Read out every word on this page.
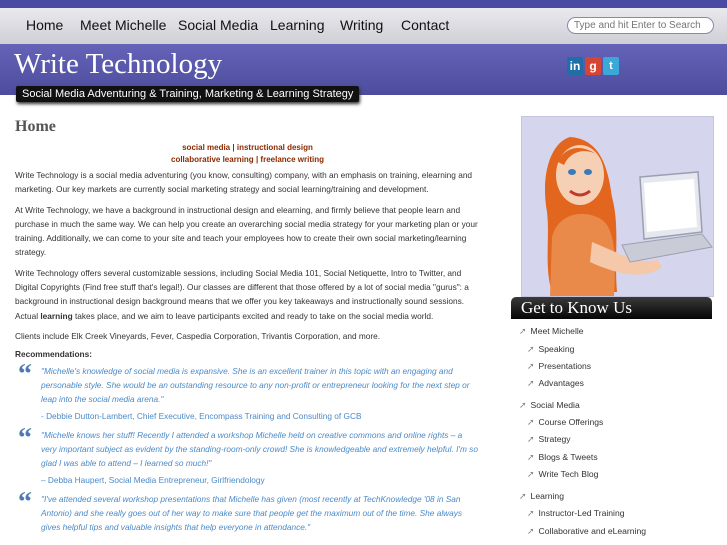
Home Meet Michelle Social Media Learning Writing Contact
Type and hit Enter to Search
Write Technology
Social Media Adventuring & Training, Marketing & Learning Strategy
in g	t
Home
social media | instructional design
collaborative learning | freelance writing

Write Technology is a social media adventuring (you know, consulting) company, with an emphasis on training, elearning and marketing. Our key markets are currently social marketing strategy and social learning/training and development.

At Write Technology, we have a background in instructional design and elearning, and firmly believe that people learn and purchase in much the same way. We can help you create an overarching social media strategy for your marketing plan or your training. Additionally, we can come to your site and teach your employees how to create their own social marketing/learning strategy.

Write Technology offers several customizable sessions, including Social Media 101, Social Netiquette, Intro to Twitter, and Digital Copyrights (Find free stuff that's legal!). Our classes are different that those offered by a lot of social media "gurus": a background in instructional design background means that we offer you key takeaways and instructionally sound sessions. Actual learning takes place, and we aim to leave participants excited and ready to take on the social media world.

Clients include Elk Creek Vineyards, Fever, Caspedia Corporation, Trivantis Corporation, and more.

Recommendations:
“ "Michelle's knowledge of social media is expansive. She is an excellent trainer in this topic with an engaging and personable style. She would be an outstanding resource to any non-profit or entrepreneur looking for the next step or leap into the social media arena."
- Debbie Dutton-Lambert, Chief Executive, Encompass Training and Consulting of GCB
“ "Michelle knows her stuff! Recently I attended a workshop Michelle held on creative commons and online rights – a very important subject as evident by the standing-room-only crowd! She is knowledgeable and extremely helpful. I'm so glad I was able to attend – I learned so much!"
– Debba Haupert, Social Media Entrepreneur, Girlfriendology
“ "I've attended several workshop presentations that Michelle has given (most recently at TechKnowledge '08 in San Antonio) and she really goes out of her way to make sure that people get the maximum out of the time. She always gives helpful tips and valuable insights that help everyone in attendance."
Get to Know Us
➚ Meet Michelle
➚ Speaking
➚ Presentations
➚ Advantages
➚ Social Media
➚ Course Offerings
➚ Strategy
➚ Blogs & Tweets
➚ Write Tech Blog
➚ Learning
➚ Instructor-Led Training
➚ Collaborative and eLearning
